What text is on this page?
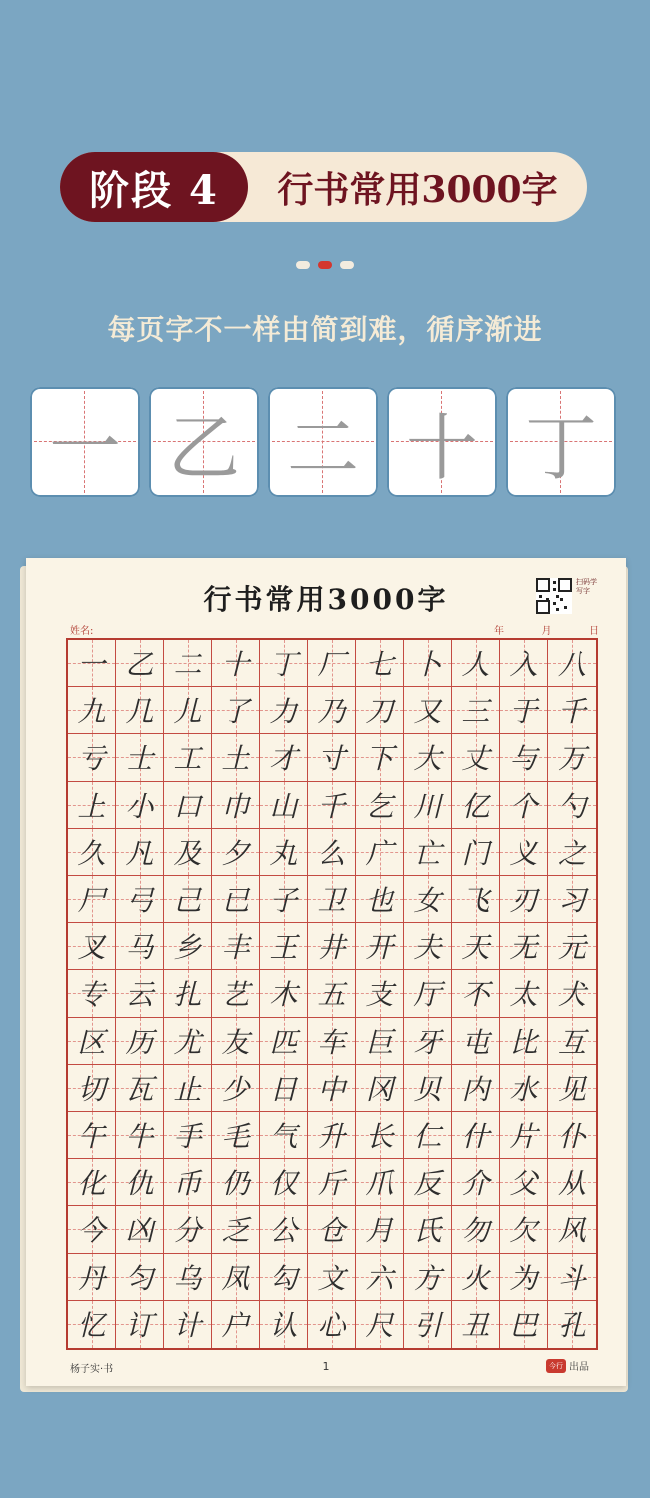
阶段 4	行书常用3000字
每页字不一样由简到难，循序渐进
一 乙 二 十 丁
行书常用3000字
扫码学写字
姓名:	年	月	日
一 乙 二 十 丁 厂 七 卜 人 入 八
九 几 儿 了 力 乃 刀 又 三 于 千
亏 士 工 土 才 寸 下 大 丈 与 万
上 小 口 巾 山 千 乞 川 亿 个 勺
久 凡 及 夕 丸 么 广 亡 门 义 之
尸 弓 己 已 子 卫 也 女 飞 刃 习
叉 马 乡 丰 王 井 开 夫 天 无 元
专 云 扎 艺 木 五 支 厅 不 太 犬
区 历 尤 友 匹 车 巨 牙 屯 比 互
切 瓦 止 少 日 中 冈 贝 内 水 见
午 牛 手 毛 气 升 长 仁 什 片 仆
化 仇 币 仍 仅 斤 爪 反 介 父 从
今 凶 分 乏 公 仓 月 氏 勿 欠 风
丹 匀 乌 凤 勾 文 六 方 火 为 斗
忆 订 计 户 认 心 尺 引 丑 巴 孔
杨子实·书	1	今行 出品
